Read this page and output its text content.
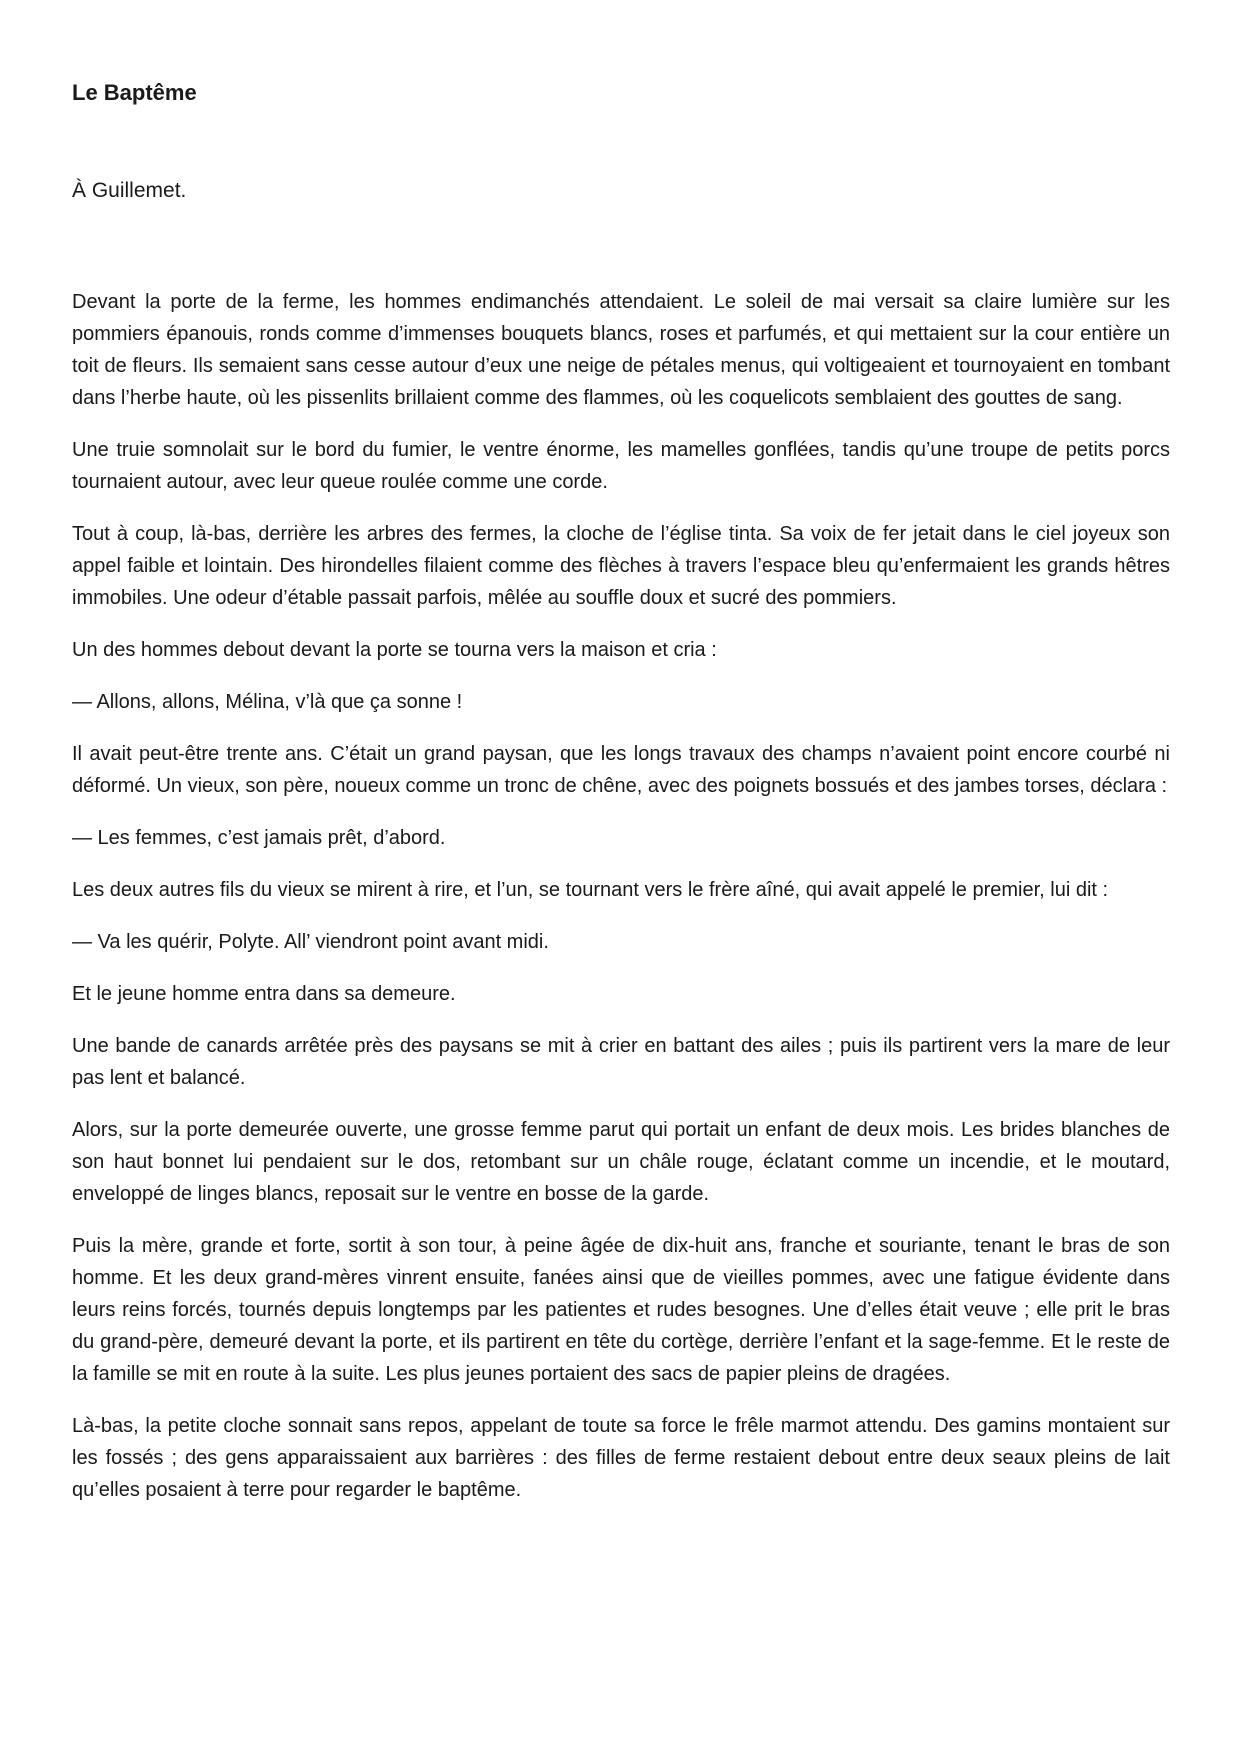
Le Baptême

À Guillemet.

Devant la porte de la ferme, les hommes endimanchés attendaient. Le soleil de mai versait sa claire lumière sur les pommiers épanouis, ronds comme d’immenses bouquets blancs, roses et parfumés, et qui mettaient sur la cour entière un toit de fleurs. Ils semaient sans cesse autour d’eux une neige de pétales menus, qui voltigeaient et tournoyaient en tombant dans l’herbe haute, où les pissenlits brillaient comme des flammes, où les coquelicots semblaient des gouttes de sang.

Une truie somnolait sur le bord du fumier, le ventre énorme, les mamelles gonflées, tandis qu’une troupe de petits porcs tournaient autour, avec leur queue roulée comme une corde.

Tout à coup, là-bas, derrière les arbres des fermes, la cloche de l’église tinta. Sa voix de fer jetait dans le ciel joyeux son appel faible et lointain. Des hirondelles filaient comme des flèches à travers l’espace bleu qu’enfermaient les grands hêtres immobiles. Une odeur d’étable passait parfois, mêlée au souffle doux et sucré des pommiers.

Un des hommes debout devant la porte se tourna vers la maison et cria :

— Allons, allons, Mélina, v’là que ça sonne !

Il avait peut-être trente ans. C’était un grand paysan, que les longs travaux des champs n’avaient point encore courbé ni déformé. Un vieux, son père, noueux comme un tronc de chêne, avec des poignets bossués et des jambes torses, déclara :

— Les femmes, c’est jamais prêt, d’abord.

Les deux autres fils du vieux se mirent à rire, et l’un, se tournant vers le frère aîné, qui avait appelé le premier, lui dit :

— Va les quérir, Polyte. All’ viendront point avant midi.

Et le jeune homme entra dans sa demeure.

Une bande de canards arrêtée près des paysans se mit à crier en battant des ailes ; puis ils partirent vers la mare de leur pas lent et balancé.

Alors, sur la porte demeurée ouverte, une grosse femme parut qui portait un enfant de deux mois. Les brides blanches de son haut bonnet lui pendaient sur le dos, retombant sur un châle rouge, éclatant comme un incendie, et le moutard, enveloppé de linges blancs, reposait sur le ventre en bosse de la garde.

Puis la mère, grande et forte, sortit à son tour, à peine âgée de dix-huit ans, franche et souriante, tenant le bras de son homme. Et les deux grand-mères vinrent ensuite, fanées ainsi que de vieilles pommes, avec une fatigue évidente dans leurs reins forcés, tournés depuis longtemps par les patientes et rudes besognes. Une d’elles était veuve ; elle prit le bras du grand-père, demeuré devant la porte, et ils partirent en tête du cortège, derrière l’enfant et la sage-femme. Et le reste de la famille se mit en route à la suite. Les plus jeunes portaient des sacs de papier pleins de dragées.

Là-bas, la petite cloche sonnait sans repos, appelant de toute sa force le frêle marmot attendu. Des gamins montaient sur les fossés ; des gens apparaissaient aux barrières : des filles de ferme restaient debout entre deux seaux pleins de lait qu’elles posaient à terre pour regarder le baptême.
